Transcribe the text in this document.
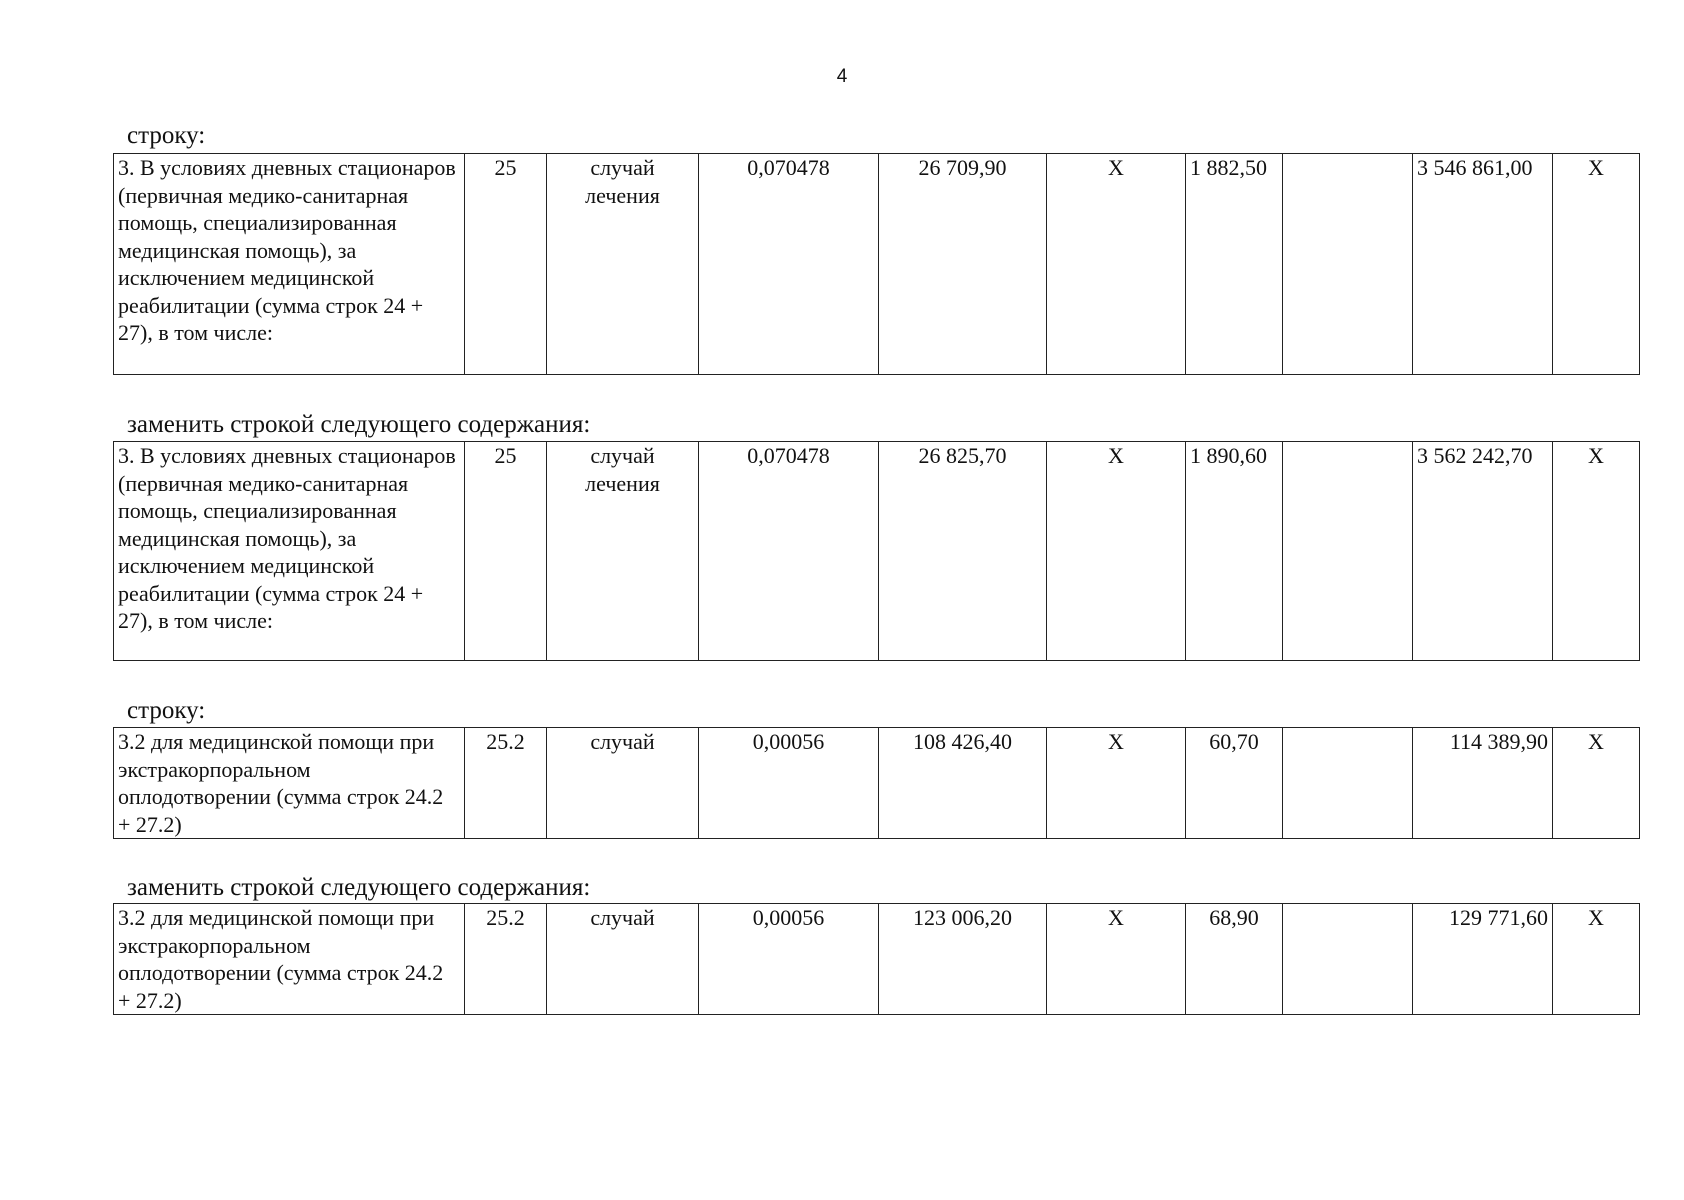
4
строку:
3. В условиях дневных стационаров (первичная медико-санитарная помощь, специализированная медицинская помощь), за исключением медицинской реабилитации (сумма строк 24 + 27), в том числе:	25	случай лечения	0,070478	26 709,90	Х	1 882,50		3 546 861,00	Х
заменить строкой следующего содержания:
3. В условиях дневных стационаров (первичная медико-санитарная помощь, специализированная медицинская помощь), за исключением медицинской реабилитации (сумма строк 24 + 27), в том числе:	25	случай лечения	0,070478	26 825,70	Х	1 890,60		3 562 242,70	Х
строку:
3.2 для медицинской помощи при экстракорпоральном оплодотворении (сумма строк 24.2 + 27.2)	25.2	случай	0,00056	108 426,40	Х	60,70		114 389,90	Х
заменить строкой следующего содержания:
3.2 для медицинской помощи при экстракорпоральном оплодотворении (сумма строк 24.2 + 27.2)	25.2	случай	0,00056	123 006,20	Х	68,90		129 771,60	Х
